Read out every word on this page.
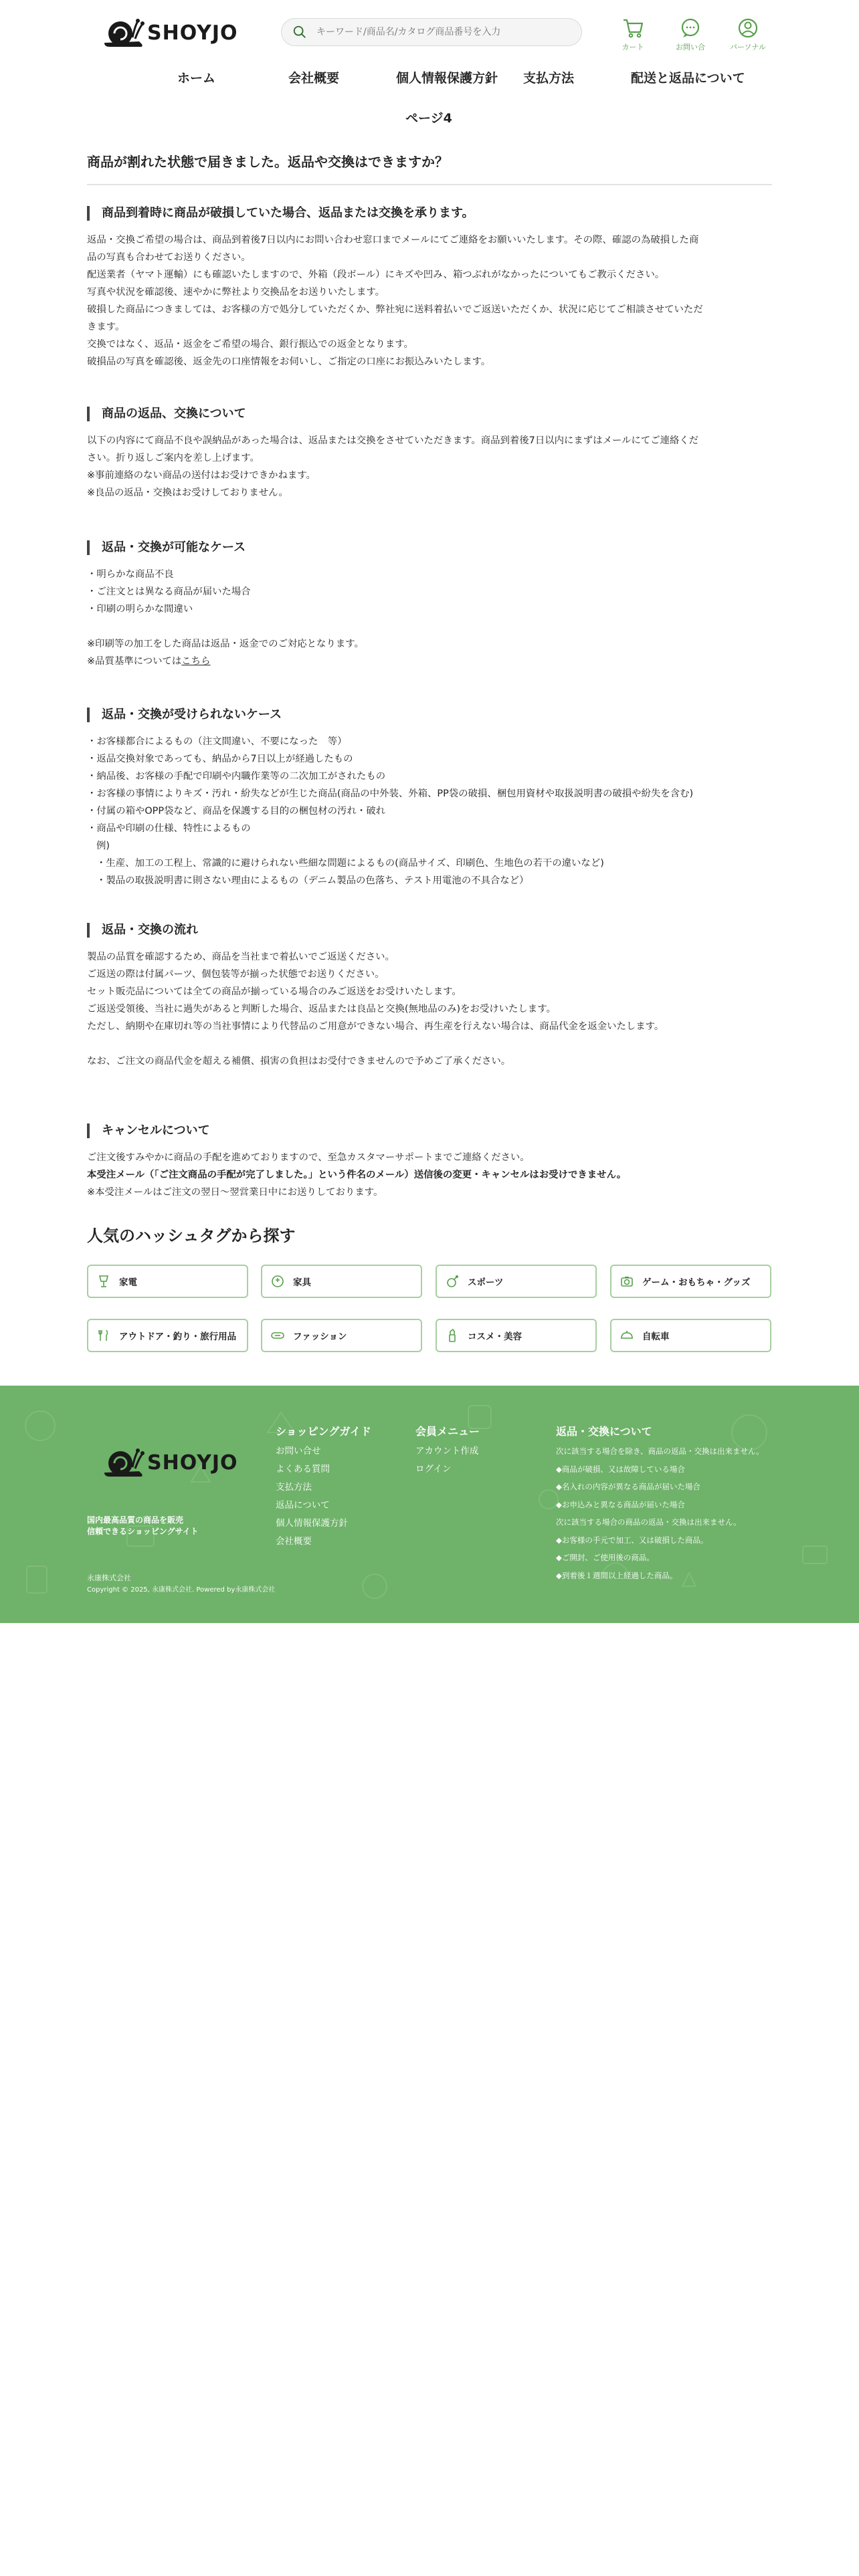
SHOYJO
キーワード/商品名/カタログ商品番号を入力
カート	お問い合	パーソナル
ホーム	会社概要	個人情報保護方針 支払方法	配送と返品について
ページ4
商品が割れた状態で届きました。返品や交換はできますか？
商品到着時に商品が破損していた場合、返品または交換を承ります。

返品・交換ご希望の場合は、商品到着後7日以内にお問い合わせ窓口までメールにてご連絡をお願いいたします。その際、確認の為破損した商

品の写真も合わせてお送りください。

配送業者（ヤマト運輸）にも確認いたしますので、外箱（段ボール）にキズや凹み、箱つぶれがなかったについてもご教示ください。

写真や状況を確認後、速やかに弊社より交換品をお送りいたします。

破損した商品につきましては、お客様の方で処分していただくか、弊社宛に送料着払いでご返送いただくか、状況に応じてご相談させていただ

きます。

交換ではなく、返品・返金をご希望の場合、銀行振込での返金となります。

破損品の写真を確認後、返金先の口座情報をお伺いし、ご指定の口座にお振込みいたします。

商品の返品、交換について

以下の内容にて商品不良や誤納品があった場合は、返品または交換をさせていただきます。商品到着後7日以内にまずはメールにてご連絡くだ

さい。折り返しご案内を差し上げます。

※事前連絡のない商品の送付はお受けできかねます。

※良品の返品・交換はお受けしておりません。

返品・交換が可能なケース

・明らかな商品不良

・ご注文とは異なる商品が届いた場合

・印刷の明らかな間違い

※印刷等の加工をした商品は返品・返金でのご対応となります。

※品質基準についてはこちら

返品・交換が受けられないケース

・お客様都合によるもの（注文間違い、不要になった　等）

・返品交換対象であっても、納品から7日以上が経過したもの

・納品後、お客様の手配で印刷や内職作業等の二次加工がされたもの

・お客様の事情によりキズ・汚れ・紛失などが生じた商品(商品の中外装、外箱、PP袋の破損、梱包用資材や取扱説明書の破損や紛失を含む)

・付属の箱やOPP袋など、商品を保護する目的の梱包材の汚れ・破れ

・商品や印刷の仕様、特性によるもの

例)

・生産、加工の工程上、常識的に避けられない些細な問題によるもの(商品サイズ、印刷色、生地色の若干の違いなど)

・製品の取扱説明書に則さない理由によるもの（デニム製品の色落ち、テスト用電池の不具合など）

返品・交換の流れ

製品の品質を確認するため、商品を当社まで着払いでご返送ください。

ご返送の際は付属パーツ、個包装等が揃った状態でお送りください。

セット販売品については全ての商品が揃っている場合のみご返送をお受けいたします。

ご返送受領後、当社に過失があると判断した場合、返品または良品と交換(無地品のみ)をお受けいたします。

ただし、納期や在庫切れ等の当社事情により代替品のご用意ができない場合、再生産を行えない場合は、商品代金を返金いたします。

なお、ご注文の商品代金を超える補償、損害の負担はお受付できませんので予めご了承ください。

キャンセルについて

ご注文後すみやかに商品の手配を進めておりますので、至急カスタマーサポートまでご連絡ください。

本受注メール（「ご注文商品の手配が完了しました。」という件名のメール）送信後の変更・キャンセルはお受けできません。

※本受注メールはご注文の翌日〜翌営業日中にお送りしております。

人気のハッシュタグから探す
家電	家具	スポーツ	ゲーム・おもちゃ・グッズ
アウトドア・釣り・旅行用品	ファッション	コスメ・美容	自転車
SHOYJO
国内最高品質の商品を販売
信頼できるショッピングサイト
永康株式会社
Copyright © 2025, 永康株式会社. Powered by永康株式会社
ショッピングガイド
お問い合せ
よくある質問
支払方法
返品について
個人情報保護方針
会社概要
会員メニュー
アカウント作成
ログイン
返品・交換について

次に該当する場合を除き、商品の返品・交換は出来ません。

◆商品が破損、又は故障している場合

◆名入れの内容が異なる商品が届いた場合

◆お申込みと異なる商品が届いた場合

次に該当する場合の商品の返品・交換は出来ません。

◆お客様の手元で加工、又は破損した商品。

◆ご開封、ご使用後の商品。

◆到着後１週間以上経過した商品。
